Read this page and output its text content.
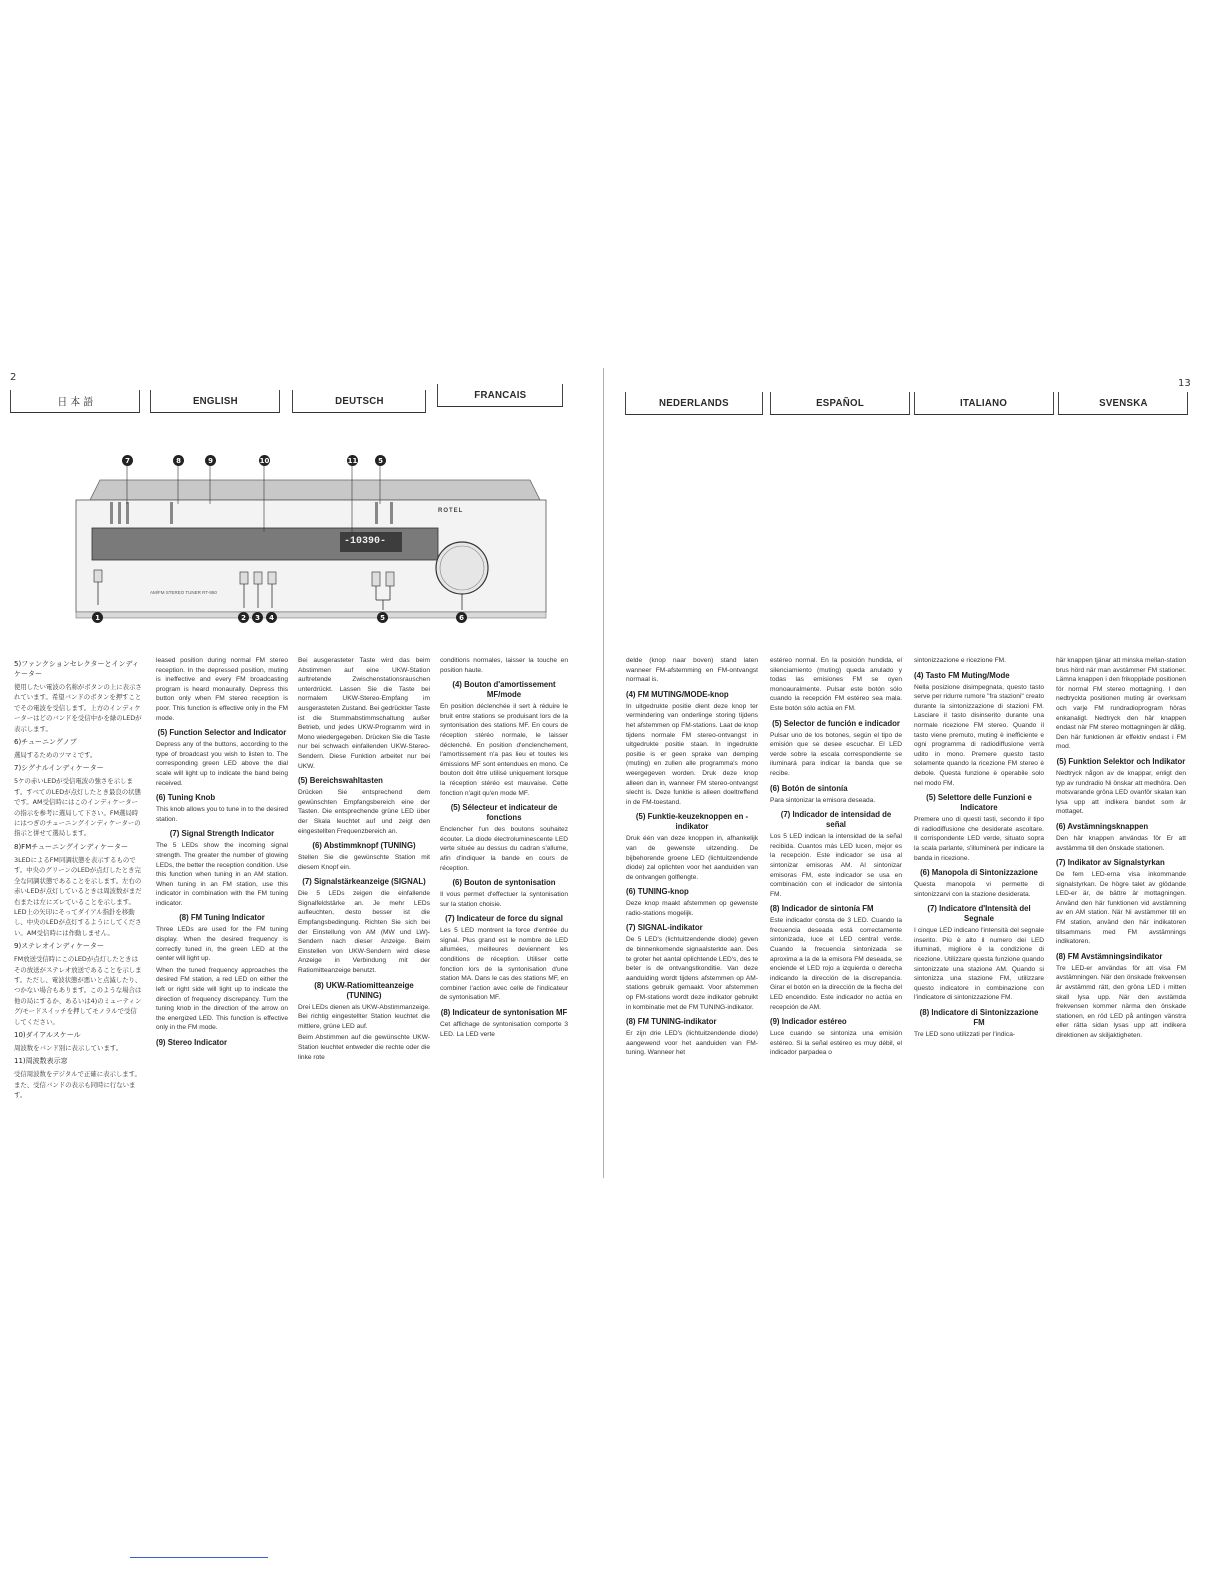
2
13
日 本 語	ENGLISH	DEUTSCH	FRANCAIS
NEDERLANDS	ESPAÑOL	ITALIANO	SVENSKA
ROTEL
AM/FM STEREO TUNER RT-950
-10390-
7	8	9	10	11	5
1	2	3	4	5	6
5)ファンクションセレクターとインディケーター

使用したい電波の名称がボタンの上に表示されています。希望バンドのボタンを押すことでその電波を受信します。上方のインディケーターはどのバンドを受信中かを緑のLEDが表示します。

6)チューニングノブ

選局するためのツマミです。

7)シグナルインディケーター

5ケの赤いLEDが受信電波の強さを示します。すべてのLEDが点灯したとき最良の状態です。AM受信時にはこのインディケーターの指示を参考に選局して下さい。FM選局時にはつぎのチューニングインディケーターの指示と併せて選局します。

8)FMチューニングインディケーター

3LEDによるFM同調状態を表示するものです。中央のグリーンのLEDが点灯したとき完全な同調状態であることを示します。左右の赤いLEDが点灯しているときは周波数がまだ右または左にズレていることを示します。LED上の矢印にそってダイアル指針を移動し、中央のLEDが点灯するようにしてください。AM受信時には作動しません。

9)ステレオインディケーター

FM放送受信時にこのLEDが点灯したときはその放送がステレオ放送であることを示します。ただし、電波状態が悪いと点滅したり、つかない場合もあります。このような場合は他の局にするか、あるいは4)のミューティング/モードスイッチを押してモノラルで受信してください。

10)ダイアルスケール

周波数をバンド別に表示しています。

11)周波数表示窓

受信周波数をデジタルで正確に表示します。また、受信バンドの表示も同時に行ないます。

leased position during normal FM stereo reception. In the depressed position, muting is ineffective and every FM broadcasting program is heard monaurally. Depress this button only when FM stereo reception is poor. This function is effective only in the FM mode.

(5) Function Selector and Indicator

Depress any of the buttons, according to the type of broadcast you wish to listen to. The corresponding green LED above the dial scale will light up to indicate the band being received.

(6) Tuning Knob

This knob allows you to tune in to the desired station.

(7) Signal Strength Indicator

The 5 LEDs show the incoming signal strength. The greater the number of glowing LEDs, the better the reception condition. Use this function when tuning in an AM station. When tuning in an FM station, use this indicator in combination with the FM tuning indicator.

(8) FM Tuning Indicator

Three LEDs are used for the FM tuning display. When the desired frequency is correctly tuned in, the green LED at the center will light up.

When the tuned frequency approaches the desired FM station, a red LED on either the left or right side will light up to indicate the direction of frequency discrepancy. Turn the tuning knob in the direction of the arrow on the energized LED. This function is effective only in the FM mode.

(9) Stereo Indicator

Bei ausgerasteter Taste wird das beim Abstimmen auf eine UKW-Station auftretende Zwischenstationsrauschen unterdrückt. Lassen Sie die Taste bei normalem UKW-Stereo-Empfang im ausgerasteten Zustand. Bei gedrückter Taste ist die Stummabstimmschaltung außer Betrieb, und jedes UKW-Programm wird in Mono wiedergegeben. Drücken Sie die Taste nur bei schwach einfallenden UKW-Stereo-Sendern. Diese Funktion arbeitet nur bei UKW.

(5) Bereichswahltasten

Drücken Sie entsprechend dem gewünschten Empfangsbereich eine der Tasten. Die entsprechende grüne LED über der Skala leuchtet auf und zeigt den eingestellten Frequenzbereich an.

(6) Abstimmknopf (TUNING)

Stellen Sie die gewünschte Station mit diesem Knopf ein.

(7) Signalstärkeanzeige (SIGNAL)

Die 5 LEDs zeigen die einfallende Signalfeldstärke an. Je mehr LEDs aufleuchten, desto besser ist die Empfangsbedingung. Richten Sie sich bei der Einstellung von AM (MW und LW)-Sendern nach dieser Anzeige. Beim Einstellen von UKW-Sendern wird diese Anzeige in Verbindung mit der Ratiomitteanzeige benutzt.

(8) UKW-Ratiomitteanzeige (TUNING)

Drei LEDs dienen als UKW-Abstimmanzeige. Bei richtig eingestellter Station leuchtet die mittlere, grüne LED auf.

Beim Abstimmen auf die gewünschte UKW-Station leuchtet entweder die rechte oder die linke rote

conditions normales, laisser la touche en position haute.

(4) Bouton d'amortissement MF/mode

En position déclenchée il sert à réduire le bruit entre stations se produisant lors de la syntonisation des stations MF. En cours de réception stéréo normale, le laisser déclenché. En position d'enclenchement, l'amortissement n'a pas lieu et toutes les émissions MF sont entendues en mono. Ce bouton doit être utilisé uniquement lorsque la réception stéréo est mauvaise. Cette fonction n'agit qu'en mode MF.

(5) Sélecteur et indicateur de fonctions

Enclencher l'un des boutons souhaitez écouter. La diode électroluminescente LED verte située au dessus du cadran s'allume, afin d'indiquer la bande en cours de réception.

(6) Bouton de syntonisation

Il vous permet d'effectuer la syntonisation sur la station choisie.

(7) Indicateur de force du signal

Les 5 LED montrent la force d'entrée du signal. Plus grand est le nombre de LED allumées, meilleures deviennent les conditions de réception. Utiliser cette fonction lors de la syntonisation d'une station MA. Dans le cas des stations MF, en combiner l'action avec celle de l'indicateur de syntonisation MF.

(8) Indicateur de syntonisation MF

Cet affichage de syntonisation comporte 3 LED. La LED verte

delde (knop naar boven) stand laten wanneer FM-afstemming en FM-ontvangst normaal is.

(4) FM MUTING/MODE-knop

In uitgedrukte positie dient deze knop ter vermindering van onderlinge storing tijdens het afstemmen op FM-stations. Laat de knop tijdens normale FM stereo-ontvangst in uitgedrukte positie staan. In ingedrukte positie is er geen sprake van demping (muting) en zullen alle programma's mono weergegeven worden. Druk deze knop alleen dan in, wanneer FM stereo-ontvangst slecht is. Deze funktie is alleen doeltreffend in de FM-toestand.

(5) Funktie-keuzeknoppen en -indikator

Druk één van deze knoppen in, afhankelijk van de gewenste uitzending. De bijbehorende groene LED (lichtuitzendende diode) zal oplichten voor het aanduiden van de ontvangen golflengte.

(6) TUNING-knop

Deze knop maakt afstemmen op gewenste radio-stations mogelijk.

(7) SIGNAL-indikator

De 5 LED's (lichtuitzendende diode) geven de binnenkomende signaalsterkte aan. Des te groter het aantal oplichtende LED's, des te beter is de ontvangstkonditie. Van deze aanduiding wordt tijdens afstemmen op AM-stations gebruik gemaakt. Voor afstemmen op FM-stations wordt deze indikator gebruikt in kombinatie met de FM TUNING-indikator.

(8) FM TUNING-indikator

Er zijn drie LED's (lichtuitzendende diode) aangewend voor het aanduiden van FM-tuning. Wanneer het

estéreo normal. En la posición hundida, el silenciamiento (muting) queda anulado y todas las emisiones FM se oyen monoauralmente. Pulsar este botón sólo cuando la recepción FM estéreo sea mala. Este botón sólo actúa en FM.

(5) Selector de función e indicador

Pulsar uno de los botones, según el tipo de emisión que se desee escuchar. El LED verde sobre la escala correspondiente se iluminará para indicar la banda que se recibe.

(6) Botón de sintonía

Para sintonizar la emisora deseada.

(7) Indicador de intensidad de señal

Los 5 LED indican la intensidad de la señal recibida. Cuantos más LED lucen, mejor es la recepción. Este indicador se usa al sintonizar emisoras AM. Al sintonizar emisoras FM, este indicador se usa en combinación con el indicador de sintonía FM.

(8) Indicador de sintonía FM

Este indicador consta de 3 LED. Cuando la frecuencia deseada está correctamente sintonizada, luce el LED central verde. Cuando la frecuencia sintonizada se aproxima a la de la emisora FM deseada, se enciende el LED rojo a izquierda o derecha indicando la dirección de la discrepancia. Girar el botón en la dirección de la flecha del LED encendido. Este indicador no actúa en recepción de AM.

(9) Indicador estéreo

Luce cuando se sintoniza una emisión estéreo. Si la señal estéreo es muy débil, el indicador parpadea o

sintonizzazione e ricezione FM.

(4) Tasto FM Muting/Mode

Nella posizione disimpegnata, questo tasto serve per ridurre rumore "fra stazioni" creato durante la sintonizzazione di stazioni FM. Lasciare il tasto disinserito durante una normale ricezione FM stereo. Quando il tasto viene premuto, muting è inefficiente e ogni programma di radiodiffusione verrà udito in mono. Premere questo tasto solamente quando la ricezione FM stereo è debole. Questa funzione è operabile solo nel modo FM.

(5) Selettore delle Funzioni e Indicatore

Premere uno di questi tasti, secondo il tipo di radiodiffusione che desiderate ascoltare. Il corrispondente LED verde, situato sopra la scala parlante, s'illuminerà per indicare la banda in ricezione.

(6) Manopola di Sintonizzazione

Questa manopola vi permette di sintonizzarvi con la stazione desiderata.

(7) Indicatore d'Intensità del Segnale

I cinque LED indicano l'intensità del segnale inserito. Più è alto il numero dei LED illuminati, migliore è la condizione di ricezione. Utilizzare questa funzione quando sintonizzate una stazione AM. Quando si sintonizza una stazione FM, utilizzare questo indicatore in combinazione con l'indicatore di sintonizzazione FM.

(8) Indicatore di Sintonizzazione FM

Tre LED sono utilizzati per l'indica-

här knappen tjänar att minska mellan-station brus hörd när man avstämmer FM stationer. Lämna knappen i den frikopplade positionen för normal FM stereo mottagning. I den nedtryckta positionen muting är overksam och varje FM rundradioprogram höras enkanaligt. Nedtryck den här knappen endast när FM stereo mottagningen är dålig. Den här funktionen är effektiv endast i FM mod.

(5) Funktion Selektor och Indikator

Nedtryck någon av de knappar, enligt den typ av rundradio Ni önskar att medhöra. Den motsvarande gröna LED ovanför skalan kan lysa upp att indikera bandet som är mottaget.

(6) Avstämningsknappen

Den här knappen användas för Er att avstämma till den önskade stationen.

(7) Indikator av Signalstyrkan

De fem LED-erna visa inkommande signalstyrkan. De högre talet av glödande LED-er är, de bättre är mottagningen. Använd den här funktionen vid avstämning av en AM station. När Ni avstämmer till en FM station, använd den här indikatoren tillsammans med FM avstämnings indikatoren.

(8) FM Avstämningsindikator

Tre LED-er användas för att visa FM avstämningen. När den önskade frekvensen är avstämmd rätt, den gröna LED i mitten skall lysa upp. När den avstämda frekvensen kommer närma den önskade stationen, en röd LED på antingen vänstra eller rätta sidan lysas upp att indikera direktionen av skiljaktigheten.
